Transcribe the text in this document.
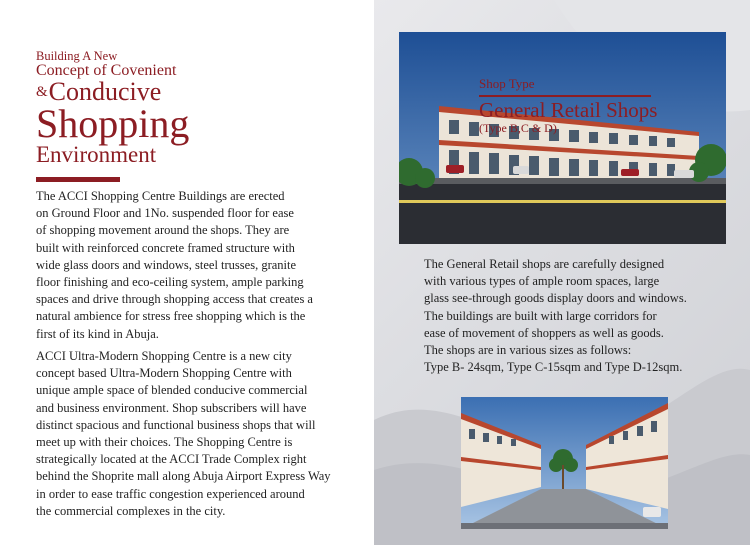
Building A New
Concept of Covenient
&Conducive
Shopping
Environment
The ACCI Shopping Centre Buildings are erected
on Ground Floor and 1No. suspended floor for ease
of shopping movement around the shops. They are
built with reinforced concrete framed structure with
wide glass doors and windows, steel trusses, granite
floor finishing and eco-ceiling system, ample parking
spaces and drive through shopping access that creates a
natural ambience for stress free shopping which is the
first of its kind in Abuja.
ACCI Ultra-Modern Shopping Centre is a new city
concept based Ultra-Modern Shopping Centre with
unique ample space of blended conducive commercial
and business environment. Shop subscribers will have
distinct spacious and functional business shops that will
meet up with their choices. The Shopping Centre is
strategically located at the ACCI Trade Complex right
behind the Shoprite mall along Abuja Airport Express Way
in order to ease traffic congestion experienced around
the commercial complexes in the city.
Shop Type
General Retail Shops
(Type B,C & D)
The General Retail shops are carefully designed
with various types of ample room spaces, large
glass see-through goods display doors and windows.
The buildings are built with large corridors for
ease of movement of shoppers as well as goods.
The shops are in various sizes as follows:
Type B- 24sqm, Type C-15sqm and Type D-12sqm.
